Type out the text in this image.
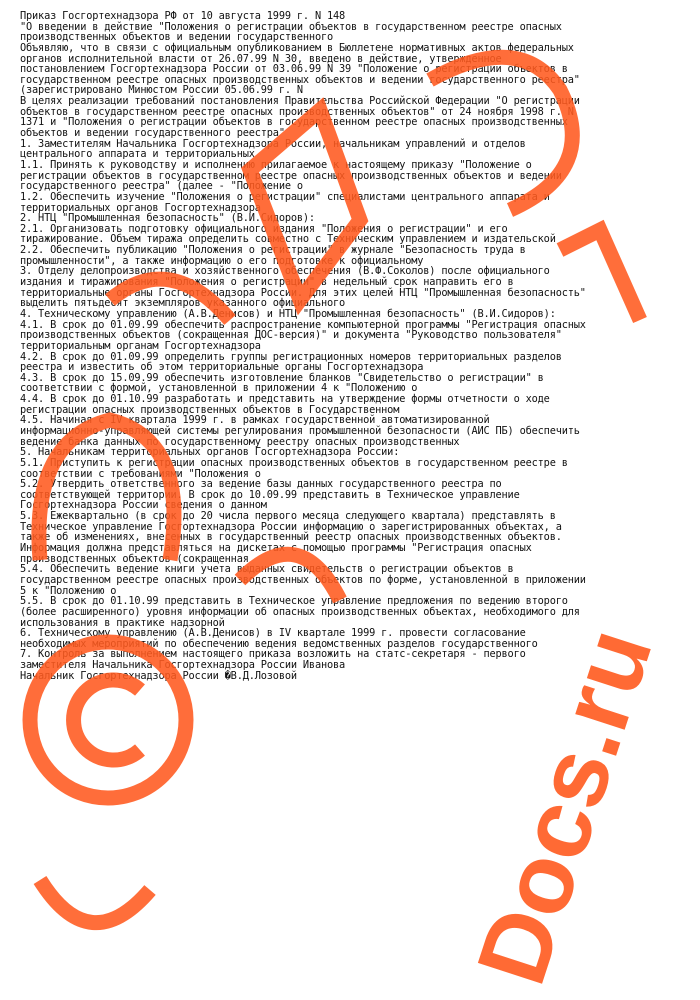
Приказ Госгортехнадзора РФ от 10 августа 1999 г. N 148
"О введении в действие "Положения о регистрации объектов в государственном реестре опасных
производственных объектов и ведении государственного
Объявляю, что в связи с официальным опубликованием в Бюллетене нормативных актов федеральных
органов исполнительной власти от 26.07.99 N 30, введено в действие, утвержденное
постановлением Госгортехнадзора России от 03.06.99 N 39 "Положение о регистрации объектов в
государственном реестре опасных производственных объектов и ведении государственного реестра"
(зарегистрировано Минюстом России 05.06.99 г. N
В целях реализации требований постановления Правительства Российской Федерации "О регистрации
объектов в государственном реестре опасных производственных объектов" от 24 ноября 1998 г. N
1371 и "Положения о регистрации объектов в государственном реестре опасных производственных
объектов и ведении государственного реестра"
1. Заместителям Начальника Госгортехнадзора России, начальникам управлений и отделов
центрального аппарата и территориальных
1.1. Принять к руководству и исполнению прилагаемое к настоящему приказу "Положение о
регистрации объектов в государственном реестре опасных производственных объектов и ведении
государственного реестра" (далее - "Положение о
1.2. Обеспечить изучение "Положения о регистрации" специалистами центрального аппарата и
территориальных органов Госгортехнадзора
2. НТЦ "Промышленная безопасность" (В.И.Сидоров):
2.1. Организовать подготовку официального издания "Положения о регистрации" и его
тиражирование. Объем тиража определить совместно с Техническим управлением и издательской
2.2. Обеспечить публикацию "Положения о регистрации" в журнале "Безопасность труда в
промышленности", а также информацию о его подготовке к официальному
3. Отделу делопроизводства и хозяйственного обеспечения (В.Ф.Соколов) после официального
издания и тиражирования "Положения о регистрации" в недельный срок направить его в
территориальные органы Госгортехнадзора России. Для этих целей НТЦ "Промышленная безопасность"
выделить пятьдесят экземпляров указанного официального
4. Техническому управлению (А.В.Денисов) и НТЦ "Промышленная безопасность" (В.И.Сидоров):
4.1. В срок до 01.09.99 обеспечить распространение компьютерной программы "Регистрация опасных
производственных объектов (сокращенная ДОС-версия)" и документа "Руководство пользователя"
территориальным органам Госгортехнадзора
4.2. В срок до 01.09.99 определить группы регистрационных номеров территориальных разделов
реестра и известить об этом территориальные органы Госгортехнадзора
4.3. В срок до 15.09.99 обеспечить изготовление бланков "Свидетельство о регистрации" в
соответствии с формой, установленной в приложении 4 к "Положению о
4.4. В срок до 01.10.99 разработать и представить на утверждение формы отчетности о ходе
регистрации опасных производственных объектов в Государственном
4.5. Начиная с IV квартала 1999 г. в рамках государственной автоматизированной
информационно-управляющей системы регулирования промышленной безопасности (АИС ПБ) обеспечить
ведение банка данных по государственному реестру опасных производственных
5. Начальникам территориальных органов Госгортехнадзора России:
5.1. Приступить к регистрации опасных производственных объектов в государственном реестре в
соответствии с требованиями "Положения о
5.2. Утвердить ответственного за ведение базы данных государственного реестра по
соответствующей территории. В срок до 10.09.99 представить в Техническое управление
Госгортехнадзора России сведения о данном
5.3. Ежеквартально (в срок до 20 числа первого месяца следующего квартала) представлять в
Техническое управление Госгортехнадзора России информацию о зарегистрированных объектах, а
также об изменениях, внесенных в государственный реестр опасных производственных объектов.
Информация должна представляться на дискетах с помощью программы "Регистрация опасных
производственных объектов (сокращенная
5.4. Обеспечить ведение книги учета выданных свидетельств о регистрации объектов в
государственном реестре опасных производственных объектов по форме, установленной в приложении
5 к "Положению о
5.5. В срок до 01.10.99 представить в Техническое управление предложения по ведению второго
(более расширенного) уровня информации об опасных производственных объектах, необходимого для
использования в практике надзорной
6. Техническому управлению (А.В.Денисов) в IV квартале 1999 г. провести согласование
необходимых мероприятий по обеспечению ведения ведомственных разделов государственного
7. Контроль за выполнением настоящего приказа возложить на статс-секретаря - первого
заместителя Начальника Госгортехнадзора России Иванова
Начальник Госгортехнадзора России �В.Д.Лозовой	Docs.ru
